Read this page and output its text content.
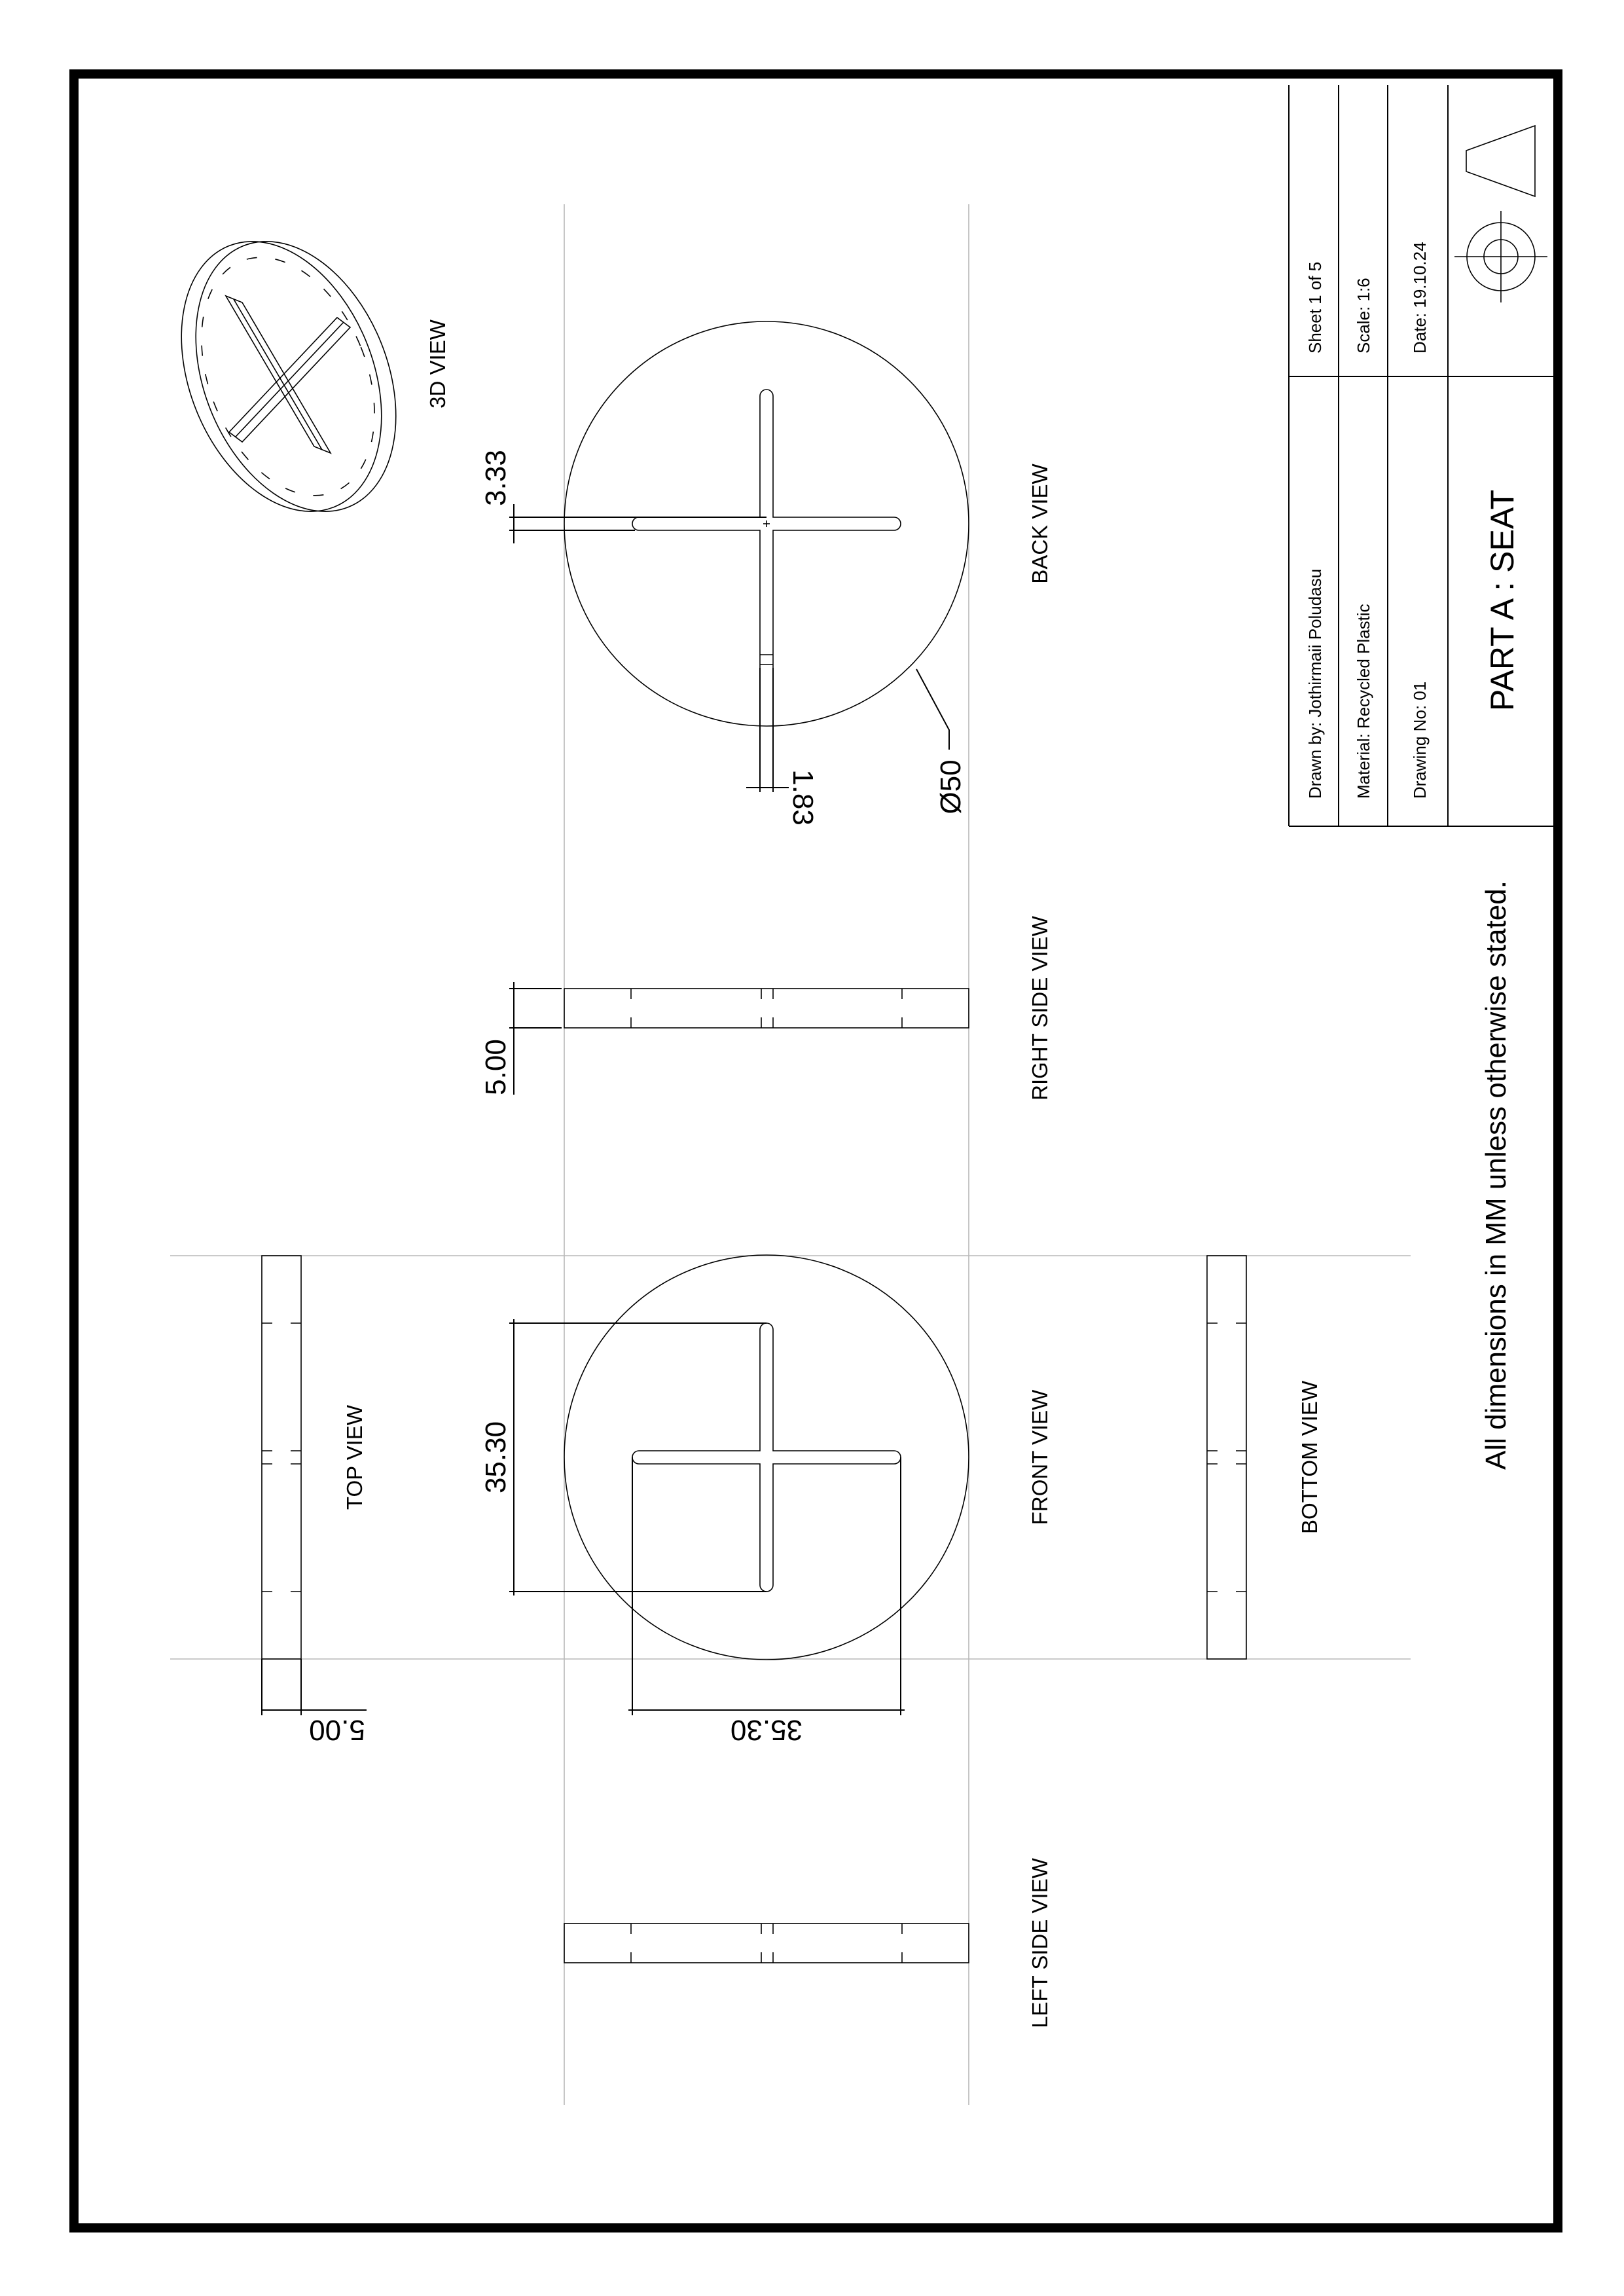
3D VIEW
BACK VIEW
RIGHT SIDE VIEW
FRONT VIEW
LEFT SIDE VIEW
TOP VIEW	BOTTOM VIEW
3.33
1.83	Ø50
5.00
35.30
35.30
5.00
All dimensions in MM unless otherwise stated.
Drawn by: Jothirmaii Poludasu Material: Recycled Plastic Drawing No: 01
Sheet 1 of 5 Scale: 1:6 Date: 19.10.24
PART A : SEAT
